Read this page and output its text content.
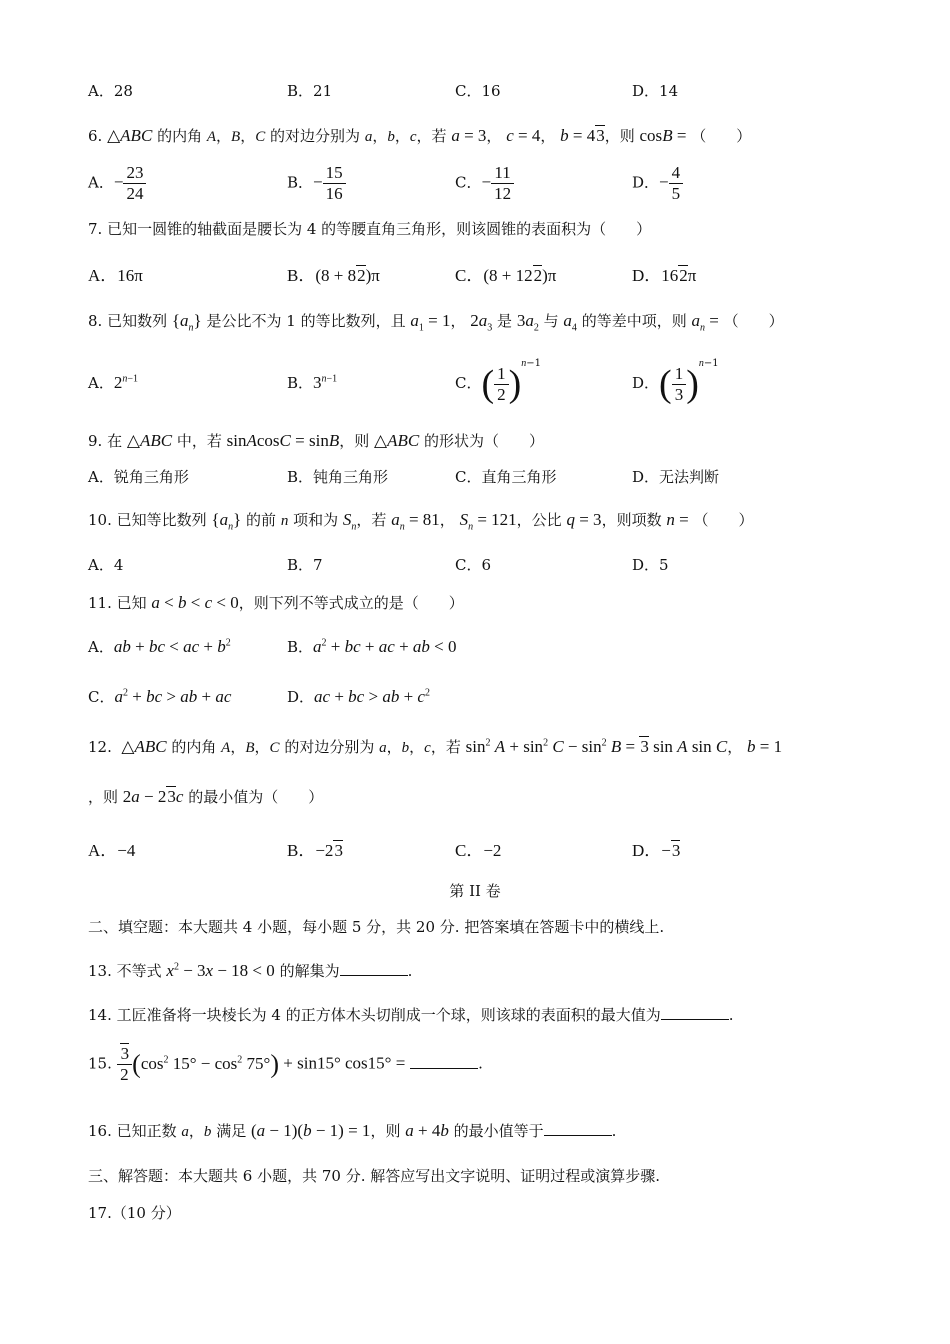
A．28	B．21	C．16	D．14
6. △ABC 的内角 A，B，C 的对边分别为 a，b，c，若 a = 3， c = 4， b = 43，则 cosB = （　　）
A．− $\frac{23}{24}$	B．− $\frac{15}{16}$	C．− $\frac{11}{12}$	D．− $\frac{4}{5}$
7. 已知一圆锥的轴截面是腰长为 4 的等腰直角三角形，则该圆锥的表面积为（　　）
A．16π	B．(8 + 82)π	C．(8 + 122)π	D．162π
8. 已知数列 $\{a_n\}$ 是公比不为 1 的等比数列，且 $a_1 = 1$， $2a_3$ 是 $3a_2$ 与 $a_4$ 的等差中项，则 $a_n$ = （　　）
A．$2^{n-1}$	B．$3^{n-1}$	C．( $\frac{1}{2} )^{n-1}$
D．( $\frac{1}{3} )^{n-1}$
9. 在 △ABC 中，若 sinAcosC = sinB，则 △ABC 的形状为（　　）
A．锐角三角形	B．钝角三角形	C．直角三角形	D．无法判断
10. 已知等比数列 $\{a_n\}$ 的前 n 项和为 $S_n$，若 $a_n = 81$， $S_n = 121$，公比 q = 3，则项数 n = （　　）
A．4	B．7	C．6	D．5
11. 已知 a < b < c < 0，则下列不等式成立的是（　　）
A．ab + bc < ac + $b^2$	B．$a^2$ + bc + ac + ab < 0
C．$a^2$ + bc > ab + ac	D．ac + bc > ab + $c^2$
12. △ABC 的内角 A，B，C 的对边分别为 a，b，c，若 $\sin^2 A + \sin^2 C - \sin^2 B = 3$ sin A sin C， b = 1
，则 2a − 23c 的最小值为（　　）
A．−4	B．−23	C．−2	D．−3
第 II 卷
二、填空题：本大题共 4 小题，每小题 5 分，共 20 分. 把答案填在答题卡中的横线上.
13. 不等式 $x^2 - 3x - 18 < 0$ 的解集为	.
14. 工匠准备将一块棱长为 4 的正方体木头切削成一个球，则该球的表面积的最大值为	.
15. $\frac{3}{2} (\cos^2$ $15^\circ - \cos^2 75^\circ) + \sin 15^\circ$ cos15° =	.
16. 已知正数 a，b 满足 (a − 1)(b − 1) = 1，则 a + 4b 的最小值等于	.
三、解答题：本大题共 6 小题，共 70 分. 解答应写出文字说明、证明过程或演算步骤.
17.（10 分）
